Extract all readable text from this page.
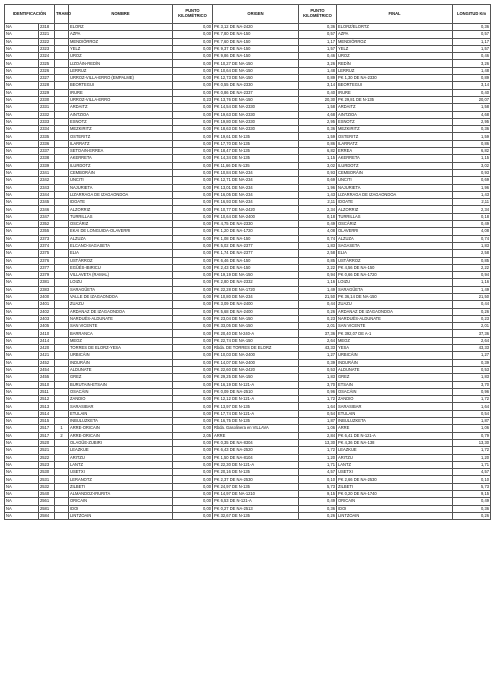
IDENTIFICACIÓN		TRAMO	NOMBRE	PUNTO KILOMÉTRICO	ORIGEN	PUNTO KILOMÉTRICO	FINAL	LONGITUD Km
NA	2318		ELORZ	0,00	PK 3,12 DE NA-2420	0,36	ELORZ/ELORTZ	0,36
NA	2321		AZPA	0,00	PK 7,80 DE NA-150	0,57	AZPA	0,57
NA	2322		MENDIÓRROZ	0,00	PK 7,60 DE NA-150	1,17	MENDIÓRROZ	1,17
NA	2323		YELZ	0,00	PK 9,37 DE NA-150	1,57	YELZ	1,57
NA	2324		UROZ	0,00	PK 9,86 DE NA-150	0,46	UROZ	0,46
NA	2325		LIZOÁIN-REDÍN	0,00	PK 10,27 DE NA-150	3,26	REDÍN	3,26
NA	2326		LERRUZ	0,00	PK 10,64 DE NA-150	1,48	LERRUZ	1,48
NA	2327		URROZ-VILLA-ERRO (EMPALME)	0,00	PK 12,73 DE NA-150	0,89	PK 1,30 DE NA-2330	0,89
NA	2328		BEORTEGUI	0,00	PK 0,55 DE NA-2330	3,14	BEORTEGUI	3,14
NA	2329		IRURE	0,00	PK 0,86 DE NA-2337	0,40	IRURE	0,40
NA	2330		URROZ-VILLA-ERRO	0,23	PK 13,76 DE NA-150	20,30	PK 29,81 DE N-135	20,07
NA	2331		ARDAITZ	0,00	PK 14,54 DE NA-2330	1,58	ARDAITZ	1,58
NA	2332		AINTZIOA	0,00	PK 19,63 DE NA-2330	4,68	AINTZIOA	4,68
NA	2333		ESNOTZ	0,00	PK 19,80 DE NA-2330	2,95	ESNOTZ	2,95
NA	2334		MEZKIRITZ	0,00	PK 18,63 DE NA-2330	0,36	MEZKIRITZ	0,36
NA	2335		OSTERITZ	0,00	PK 19,61 DE N-135	1,59	OSTERITZ	1,59
NA	2336		ILARRATZ	0,00	PK 17,70 DE N-135	0,86	ILARRATZ	0,86
NA	2337		SETOAIN-ERREA	0,00	PK 18,47 DE N-135	6,82	ERREA	6,82
NA	2338		AKERRETA	0,00	PK 14,34 DE N-135	1,15	AKERRETA	1,15
NA	2339		ILURDOTZ	0,00	PK 11,66 DE N-135	3,02	ILURDOTZ	3,02
NA	2341		CEMBORÁIN	0,00	PK 10,84 DE NA-234	0,93	CEMBORÁIN	0,93
NA	2342		UNCITI	0,00	PK 12,71 DE NA-234	0,69	UNCITI	0,69
NA	2343		NAJURIETA	0,00	PK 13,01 DE NA-234	1,96	NAJURIETA	1,96
NA	2344		LIZARRAGA DE IZAGAONDOA	0,00	PK 16,05 DE NA-234	1,43	LIZARRAGA DE IZAGAONDOA	1,43
NA	2345		IDOATE	0,00	PK 16,93 DE NA-234	2,11	IDOATE	2,11
NA	2346		ALZORRIZ	0,00	PK 10,77 DE NA-2420	2,34	ALZORRIZ	2,34
NA	2347		TURRILLAS	0,00	PK 10,64 DE NA-2400	0,18	TURRILLAS	0,18
NA	2352		OSCÁRIZ	0,00	PK 4,75 DE NA-2330	0,49	OSCÁRIZ	0,49
NA	2355		EKAI DE LONGUIDA-OLAVERRI	0,00	PK 1,20 DE NA-1720	4,08	OLAVERRI	4,08
NA	2373		ALZUZA	0,00	PK 1,08 DE NA-150	0,74	ALZUZA	0,74
NA	2374		ELCANO-SAGASETA	0,00	PK 5,02 DE NA-2377	1,83	SAGASETA	1,83
NA	2375		ELIA	0,00	PK 1,74 DE NA-2377	2,58	ELIA	2,58
NA	2376		USTÁRROZ	0,00	PK 6,46 DE NA-150	0,85	USTÁRROZ	0,85
NA	2377		EGÜÉS-IBIRICU	0,00	PK 2,43 DE NA-150	2,22	PK 4,56 DE NA-150	2,22
NA	2379		VILLAVETA (RAMAL)	0,00	PK 19,19 DE NA-150	0,94	PK 0,66 DE NA-1720	0,94
NA	2381		LOIZU	0,00	PK 2,80 DE NA-2332	1,16	LOIZU	1,16
NA	2383		SARAGÜETA	0,00	PK 22,28 DE NA-1720	1,49	SARAGÜETA	1,49
NA	2400		VALLE DE IZAGAONDOA	0,00	PK 10,80 DE NA-234	21,50	PK 36,14 DE NA-150	21,50
NA	2401		ZUAZU	0,00	PK 3,09 DE NA-2400	0,44	ZUAZU	0,44
NA	2402		ARDANAZ DE IZAGAONDOA	0,00	PK 5,68 DE NA-2400	0,26	ARDANAZ DE IZAGAONDOA	0,26
NA	2403		NARDUÉS-ALDUNATE	0,00	PK 23,04 DE NA-150	0,23	NARDUÉS-ALDUNATE	0,23
NA	2405		SAN VICENTE	0,00	PK 33,05 DE NA-150	2,01	SAN VICENTE	2,01
NA	2410		BARRANCA	0,00	PK 20,40 DE N-240-A	37,36	PK 392,07 DE A-1	37,36
NA	2414		MEOZ	0,00	PK 22,74 DE NA-150	2,64	MEOZ	2,64
NA	2420		TORRES DE ELORZ-YESA	0,00	Rbda. DE TORRES DE ELORZ	43,33	YESA	43,33
NA	2421		URBICÁIN	0,00	PK 10,03 DE NA-2400	1,27	URBICÁIN	1,27
NA	2452		INDURÁIN	0,00	PK 14,07 DE NA-2400	0,39	INDURÁIN	0,39
NA	2454		ALDUNATE	0,00	PK 22,60 DE NA-2420	0,53	ALDUNATE	0,53
NA	2455		GREZ	0,00	PK 29,25 DE NA-150	1,83	GREZ	1,83
NA	2510		BURUTAIN-ETSAIN	0,00	PK 16,19 DE N-121-A	3,70	ETSAIN	3,70
NA	2511		OSACÁIN	0,00	PK 0,09 DE NA-2510	0,96	OSACÁIN	0,96
NA	2512		ZANDIO	0,00	PK 12,12 DE N-121-A	1,72	ZANDIO	1,72
NA	2513		SARASIBAR	0,00	PK 13,97 DE N-135	1,64	SARASIBAR	1,64
NA	2514		ETULAIN	0,00	PK 17,74 DE N-121-A	0,54	ETULAIN	0,54
NA	2515		INBULUZKETA	0,00	PK 16,75 DE N-135	1,87	INBULUZKETA	1,87
NA	2517	1	ARRE-ORICAIN	0,00	Rbda. Gasolinera en VILLAVA	1,06	ARRE	1,06
NA	2517	2	ARRE-ORICAIN	2,05	ARRE	2,84	PK 6,41 DE N-121-A	0,79
NA	2520		OLAGÜE-ZUBIRI	0,00	PK 0,35 DE NA-8304	13,30	PK 4,36 DE NA-138	13,30
NA	2521		LEAZKUE	0,00	PK 6,43 DE NA-2520	1,72	LEAZKUE	1,72
NA	2522		ARITZU	0,00	PK 1,50 DE NA-8104	1,20	ARITZU	1,20
NA	2523		LANTZ	0,00	PK 22,30 DE N-121-A	1,71	LANTZ	1,71
NA	2530		USETXI	0,00	PK 20,16 DE N-135	4,57	USETXI	4,57
NA	2531		LERANOTZ	0,00	PK 2,37 DE NA-2530	0,10	PK 2,66 DE NA-2530	0,10
NA	2532		ZILBETI	0,00	PK 24,97 DE N-135	5,73	ZILBETI	5,73
NA	2540		ALMANDOZ-IRURITA	0,00	PK 14,97 DE NA-1210	9,15	PK 0,20 DE NA-1740	9,15
NA	2561		ORICAIN	0,00	PK 6,53 DE N-121-A	0,49	ORICAIN	0,49
NA	2581		IDOI	0,00	PK 0,27 DE NA-2513	0,36	IDOI	0,36
NA	2584		LINTZOAIN	0,00	PK 32,67 DE N-135	0,26	LINTZOAIN	0,26
